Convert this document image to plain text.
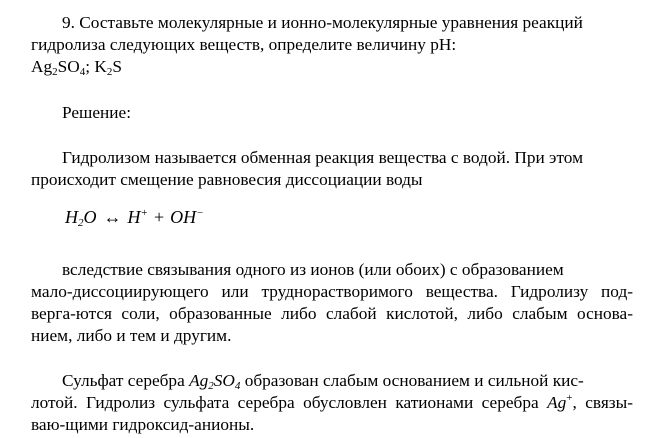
9. Составьте молекулярные и ионно-молекулярные уравнения реакций
гидролиза следующих веществ, определите величину pH:
$Ag_2SO_4$; $K_2S$
Решение:
Гидролизом называется обменная реакция вещества с водой. При этом
происходит смещение равновесия диссоциации воды
$H_2O$ ↔ H+ + OH−
вследствие связывания одного из ионов (или обоих) с образованием
мало-диссоциирующего или труднорастворимого вещества. Гидролизу под-
верга-ются соли, образованные либо слабой кислотой, либо слабым основа-
нием, либо и тем и другим.
Сульфат серебра $Ag_2SO_4$ образован слабым основанием и сильной кис-
лотой. Гидролиз сульфата серебра обусловлен катионами серебра Ag+, связы-
ваю-щими гидроксид-анионы.
